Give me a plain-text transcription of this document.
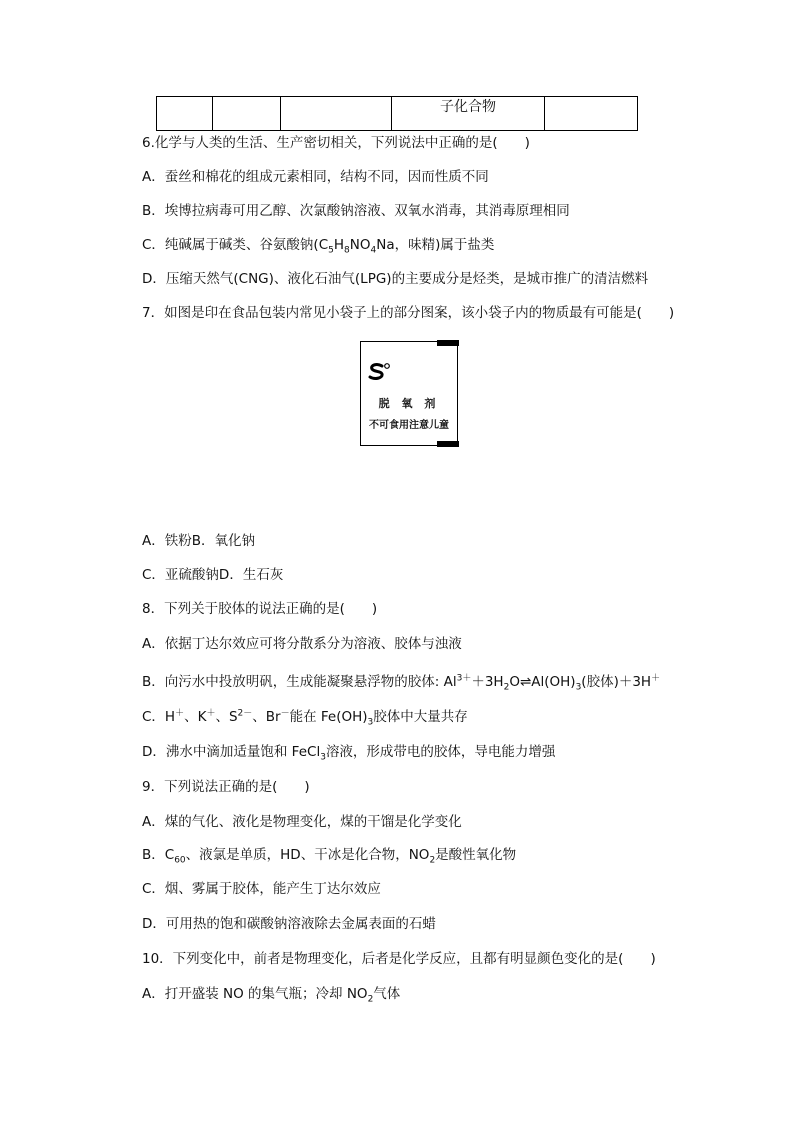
			子化合物	
6.化学与人类的生活、生产密切相关，下列说法中正确的是(　　)
A．蚕丝和棉花的组成元素相同，结构不同，因而性质不同
B．埃博拉病毒可用乙醇、次氯酸钠溶液、双氧水消毒，其消毒原理相同
C．纯碱属于碱类、谷氨酸钠($C_5H_8NO_4Na$，味精)属于盐类
D．压缩天然气(CNG)、液化石油气(LPG)的主要成分是烃类，是城市推广的清洁燃料
7．如图是印在食品包装内常见小袋子上的部分图案，该小袋子内的物质最有可能是(　　)
脱 氧 剂
不可食用注意儿童
A．铁粉B．氧化钠
C．亚硫酸钠D．生石灰
8．下列关于胶体的说法正确的是(　　)
A．依据丁达尔效应可将分散系分为溶液、胶体与浊液
B．向污水中投放明矾，生成能凝聚悬浮物的胶体: $Al^{3+}+3H_2O\rightleftharpoons Al(OH)_3$(胶体)＋3H＋
C．H＋、K＋、$S^{2-}$、Br－能在 $Fe(OH)_3$胶体中大量共存
D．沸水中滴加适量饱和 FeCl$_3$溶液，形成带电的胶体，导电能力增强
9．下列说法正确的是(　　)
A．煤的气化、液化是物理变化，煤的干馏是化学变化
B．$C_{60}$、液氯是单质，HD、干冰是化合物，$NO_2$是酸性氧化物
C．烟、雾属于胶体，能产生丁达尔效应
D．可用热的饱和碳酸钠溶液除去金属表面的石蜡
10．下列变化中，前者是物理变化，后者是化学反应，且都有明显颜色变化的是(　　)
A．打开盛装 NO 的集气瓶；冷却 $NO_2$气体
